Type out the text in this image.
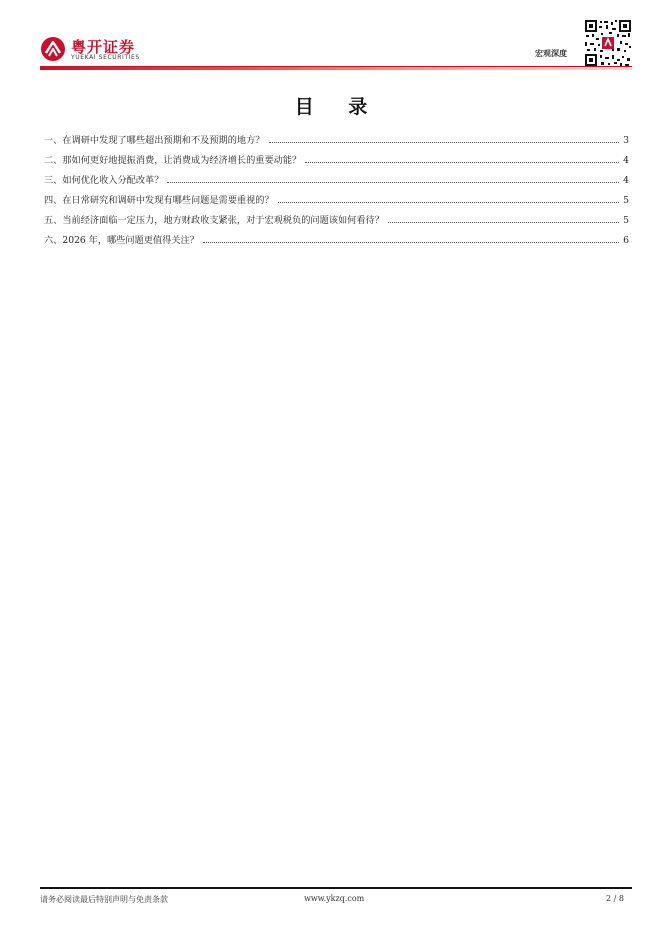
粤开证券
YUEKAI SECURITIES	宏观深度
目 录
一、在调研中发现了哪些超出预期和不及预期的地方？	3
二、那如何更好地提振消费，让消费成为经济增长的重要动能？	4
三、如何优化收入分配改革？	4
四、在日常研究和调研中发现有哪些问题是需要重视的？	5
五、当前经济面临一定压力，地方财政收支紧张，对于宏观税负的问题该如何看待？	5
六、2026 年，哪些问题更值得关注？	6
请务必阅读最后特别声明与免责条款	www.ykzq.com	2 / 8
